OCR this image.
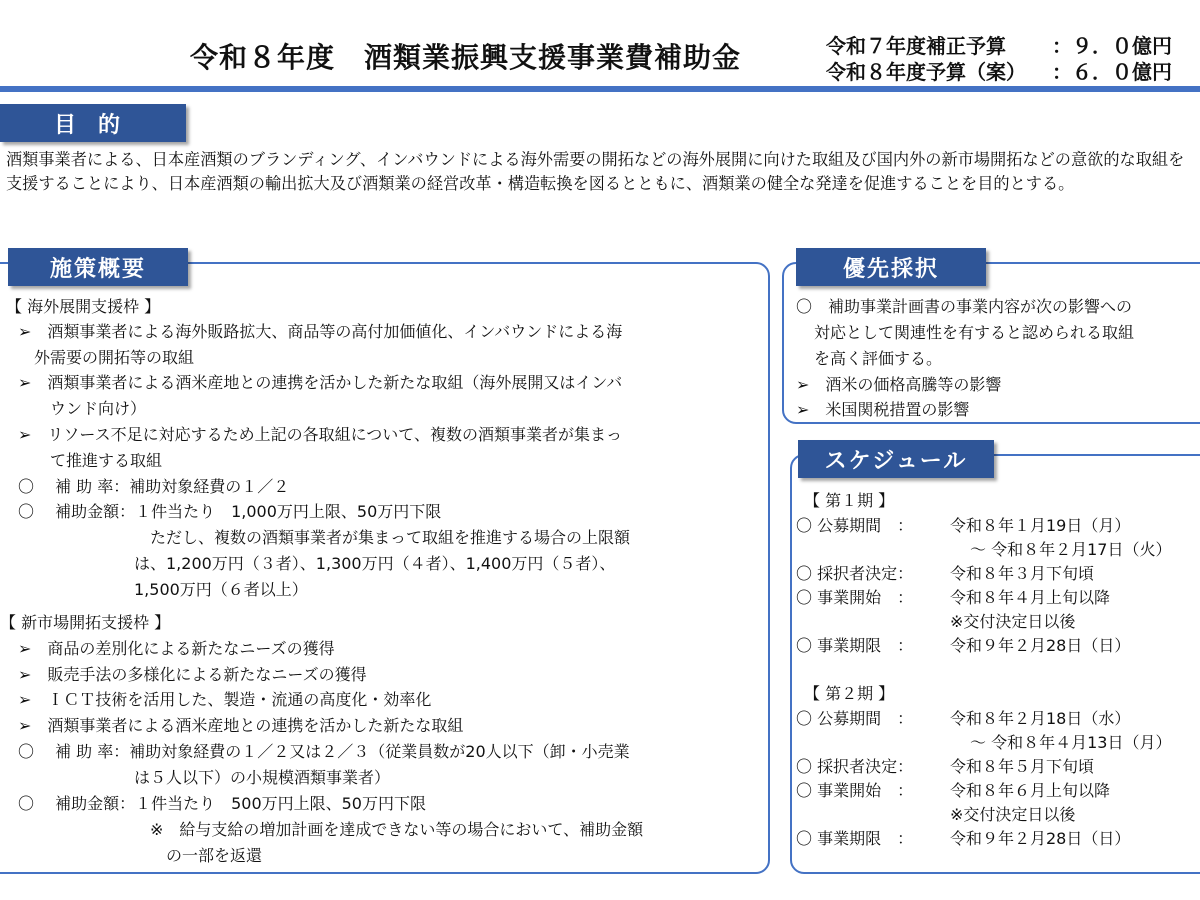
令和８年度　酒類業振興支援事業費補助金	令和７年度補正予算 ：９．０億円
令和８年度予算（案） ：６．０億円
目的
酒類事業者による、日本産酒類のブランディング、インバウンドによる海外需要の開拓などの海外展開に向けた取組及び国内外の新市場開拓などの意欲的な取組を支援することにより、日本産酒類の輸出拡大及び酒類業の経営改革・構造転換を図るとともに、酒類業の健全な発達を促進することを目的とする。
施策概要	優先採択
スケジュール
【 海外展開支援枠 】
➢　酒類事業者による海外販路拡大、商品等の高付加価値化、インバウンドによる海
外需要の開拓等の取組
➢　酒類事業者による酒米産地との連携を活かした新たな取組（海外展開又はインバ
ウンド向け）
➢　リソース不足に対応するため上記の各取組について、複数の酒類事業者が集まっ
て推進する取組
〇　 補 助 率：補助対象経費の１／２
〇　 補助金額：１件当たり　1,000万円上限、50万円下限
ただし、複数の酒類事業者が集まって取組を推進する場合の上限額
は、1,200万円（３者）、1,300万円（４者）、1,400万円（５者）、
1,500万円（６者以上）
【 新市場開拓支援枠 】
➢　商品の差別化による新たなニーズの獲得
➢　販売手法の多様化による新たなニーズの獲得
➢　ＩＣＴ技術を活用した、製造・流通の高度化・効率化
➢　酒類事業者による酒米産地との連携を活かした新たな取組
〇　 補 助 率：補助対象経費の１／２又は２／３（従業員数が20人以下（卸・小売業
は５人以下）の小規模酒類事業者）
〇　 補助金額：１件当たり　500万円上限、50万円下限
※　給与支給の増加計画を達成できない等の場合において、補助金額
の一部を返還
〇　補助事業計画書の事業内容が次の影響への
対応として関連性を有すると認められる取組
を高く評価する。
➢　酒米の価格高騰等の影響
➢　米国関税措置の影響
【 第１期 】
〇 公募期間　： 令和８年１月19日（月）
～ 令和８年２月17日（火）
〇 採択者決定： 令和８年３月下旬頃
〇 事業開始　： 令和８年４月上旬以降
※交付決定日以後
〇 事業期限　： 令和９年２月28日（日）
【 第２期 】
〇 公募期間　： 令和８年２月18日（水）
～ 令和８年４月13日（月）
〇 採択者決定： 令和８年５月下旬頃
〇 事業開始　： 令和８年６月上旬以降
※交付決定日以後
〇 事業期限　： 令和９年２月28日（日）
